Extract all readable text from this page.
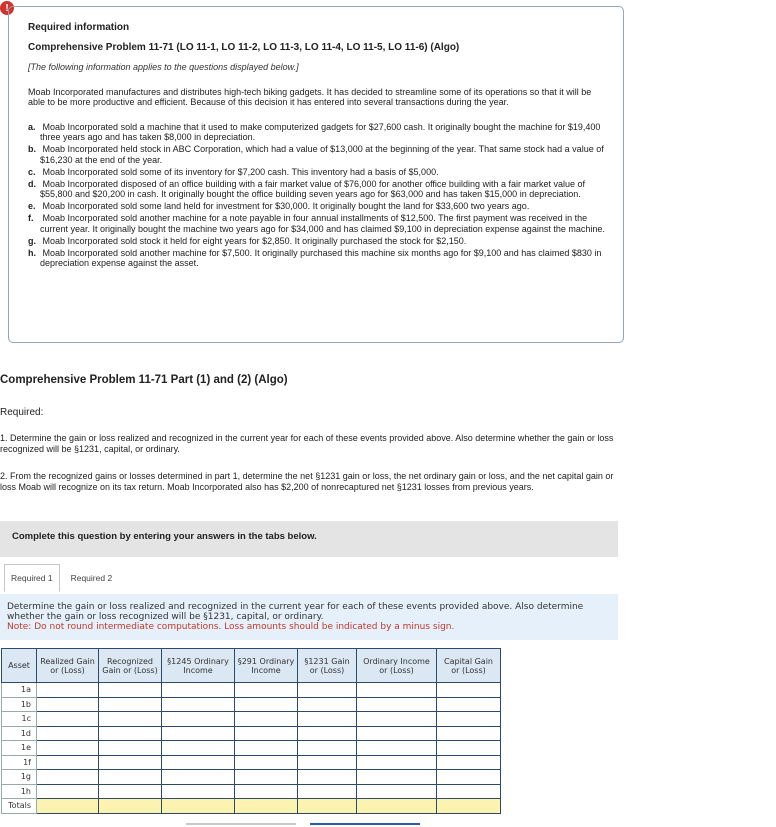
!
Required information
Comprehensive Problem 11-71 (LO 11-1, LO 11-2, LO 11-3, LO 11-4, LO 11-5, LO 11-6) (Algo)
[The following information applies to the questions displayed below.]
Moab Incorporated manufactures and distributes high-tech biking gadgets. It has decided to streamline some of its operations so that it will be able to be more productive and efficient. Because of this decision it has entered into several transactions during the year.
a. Moab Incorporated sold a machine that it used to make computerized gadgets for $27,600 cash. It originally bought the machine for $19,400 three years ago and has taken $8,000 in depreciation.
b. Moab Incorporated held stock in ABC Corporation, which had a value of $13,000 at the beginning of the year. That same stock had a value of $16,230 at the end of the year.
c. Moab Incorporated sold some of its inventory for $7,200 cash. This inventory had a basis of $5,000.
d. Moab Incorporated disposed of an office building with a fair market value of $76,000 for another office building with a fair market value of $55,800 and $20,200 in cash. It originally bought the office building seven years ago for $63,000 and has taken $15,000 in depreciation.
e. Moab Incorporated sold some land held for investment for $30,000. It originally bought the land for $33,600 two years ago.
f. Moab Incorporated sold another machine for a note payable in four annual installments of $12,500. The first payment was received in the current year. It originally bought the machine two years ago for $34,000 and has claimed $9,100 in depreciation expense against the machine.
g. Moab Incorporated sold stock it held for eight years for $2,850. It originally purchased the stock for $2,150.
h. Moab Incorporated sold another machine for $7,500. It originally purchased this machine six months ago for $9,100 and has claimed $830 in depreciation expense against the asset.
Comprehensive Problem 11-71 Part (1) and (2) (Algo)
Required:
1. Determine the gain or loss realized and recognized in the current year for each of these events provided above. Also determine whether the gain or loss recognized will be §1231, capital, or ordinary.
2. From the recognized gains or losses determined in part 1, determine the net §1231 gain or loss, the net ordinary gain or loss, and the net capital gain or loss Moab will recognize on its tax return. Moab Incorporated also has $2,200 of nonrecaptured net §1231 losses from previous years.
Complete this question by entering your answers in the tabs below.
Required 1	Required 2
Determine the gain or loss realized and recognized in the current year for each of these events provided above. Also determine whether the gain or loss recognized will be §1231, capital, or ordinary.
Note: Do not round intermediate computations. Loss amounts should be indicated by a minus sign.
Asset	Realized Gain or (Loss)	Recognized Gain or (Loss)	§1245 Ordinary Income	§291 Ordinary Income	§1231 Gain or (Loss)	Ordinary Income or (Loss)	Capital Gain or (Loss)
1a							
1b							
1c							
1d							
1e							
1f							
1g							
1h							
Totals							
